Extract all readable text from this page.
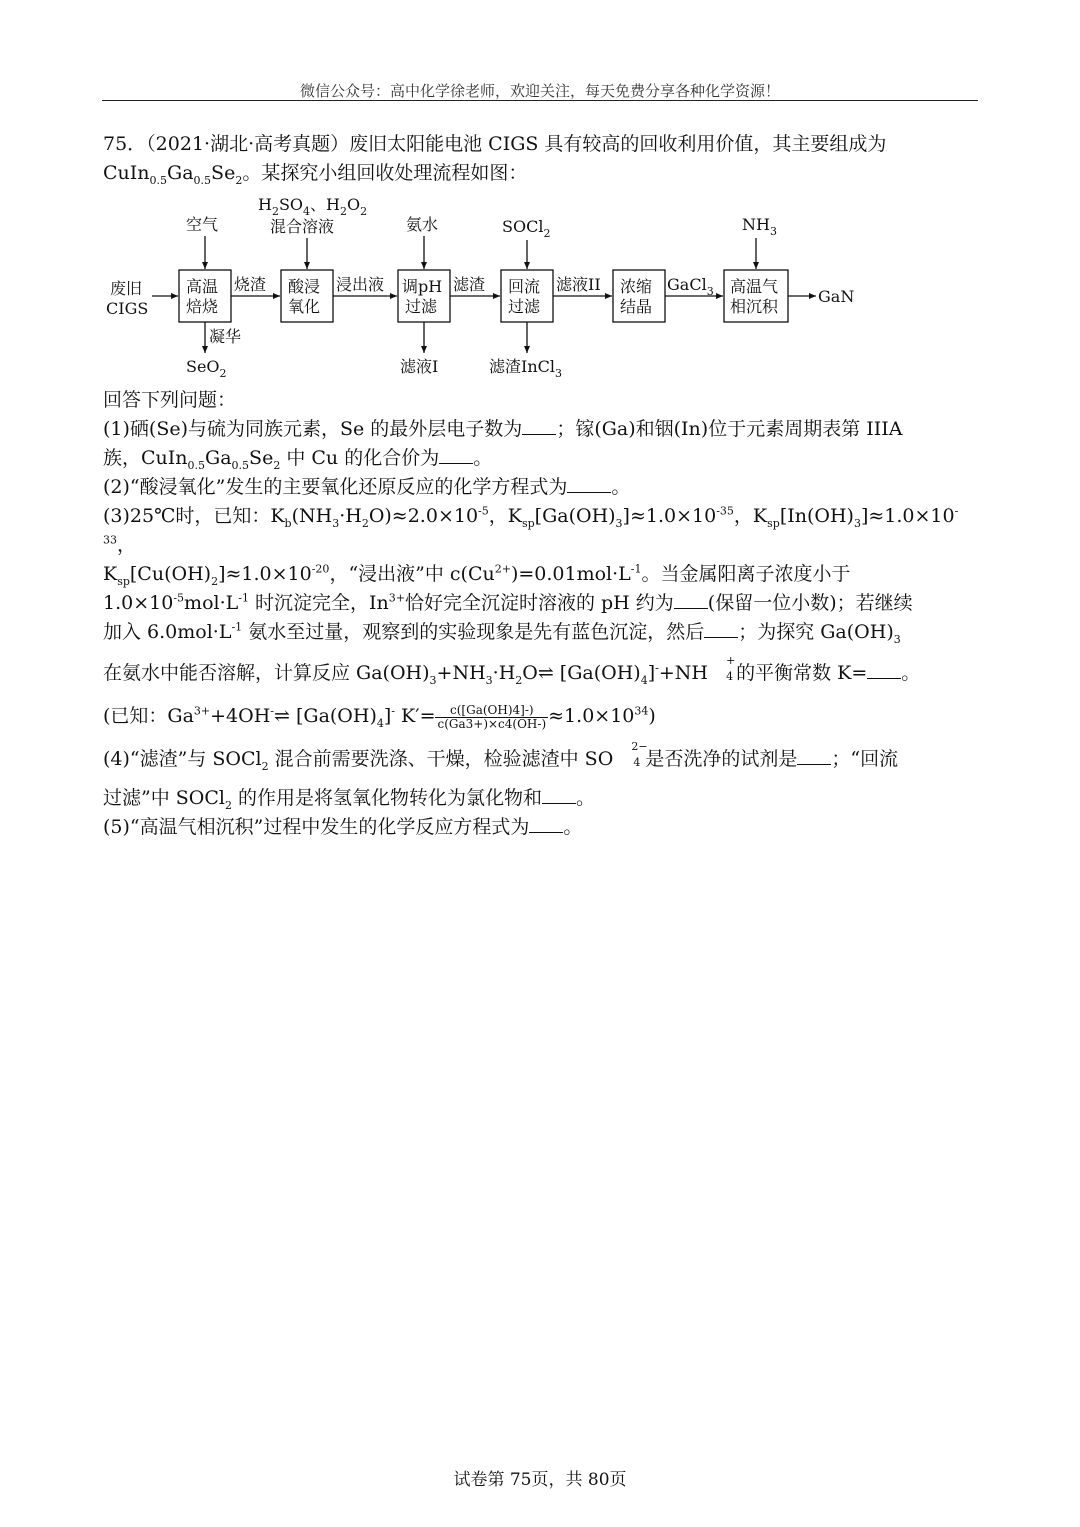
微信公众号：高中化学徐老师，欢迎关注，每天免费分享各种化学资源！

75．（2021·湖北·高考真题）废旧太阳能电池 CIGS 具有较高的回收利用价值，其主要组成为

$CuIn_{0.5}Ga_{0.5}Se_2$。某探究小组回收处理流程如图：

废旧
CIGS
高温
焙烧
烧渣 酸浸
氧化
浸出液 调pH
过滤
滤渣 回流
过滤
滤液II 浓缩
结晶
GaCl$_3$ 高温气
相沉积
GaN
空气
$H_2SO_4$、$H_2O_2$
混合溶液	氨水	SOCl$_2$	$NH_3$
凝华
SeO$_2$	滤液I	滤渣InCl$_3$

回答下列问题：

(1)硒(Se)与硫为同族元素，Se 的最外层电子数为 ；镓(Ga)和铟(In)位于元素周期表第 IIIA

族，$CuIn_{0.5}Ga_{0.5}Se_2$ 中 Cu 的化合价为 。

(2)“酸浸氧化”发生的主要氧化还原反应的化学方程式为 。

(3)25℃时，已知：$K_b(NH_3\cdot H_2O)\approx 2.0\times 10^{-5}$，$K_{sp}[Ga(OH)_3]\approx 1.0\times 10^{-35}$，$K_{sp}[In(OH)_3]\approx 1.0\times 10^{-33}$，

$K_{sp}[Cu(OH)_2]\approx 1.0\times 10^{-20}$，“浸出液”中 $c(Cu^{2+})=0.01mol\cdot L^{-1}$。当金属阳离子浓度小于

$1.0\times 10^{-5}mol\cdot L^{-1}$ 时沉淀完全，$In^{3+}$恰好完全沉淀时溶液的 pH 约为 (保留一位小数)；若继续

加入 $6.0mol\cdot L^{-1}$ 氨水至过量，观察到的实验现象是先有蓝色沉淀，然后 ；为探究 $Ga(OH)_3$

在氨水中能否溶解，计算反应 $Ga(OH)_3+NH_3\cdot H_2O\rightleftharpoons$ $[Ga(OH)_4]^-+NH$
+
4 的平衡常数 K= 。

(已知：$Ga^{3+}+4OH^-\rightleftharpoons$ $[Ga(OH)_4]^-$ $K'= \frac{c([Ga(OH)4]-)}{c(Ga3+)\times c4(OH-)} \approx 1.0\times 10^{34}$)

(4)“滤渣”与 SOCl$_2$ 混合前需要洗涤、干燥，检验滤渣中 SO
2−
4 是否洗净的试剂是 ；“回流

过滤”中 SOCl$_2$ 的作用是将氢氧化物转化为氯化物和 。

(5)“高温气相沉积”过程中发生的化学反应方程式为 。

试卷第 75页，共 80页
